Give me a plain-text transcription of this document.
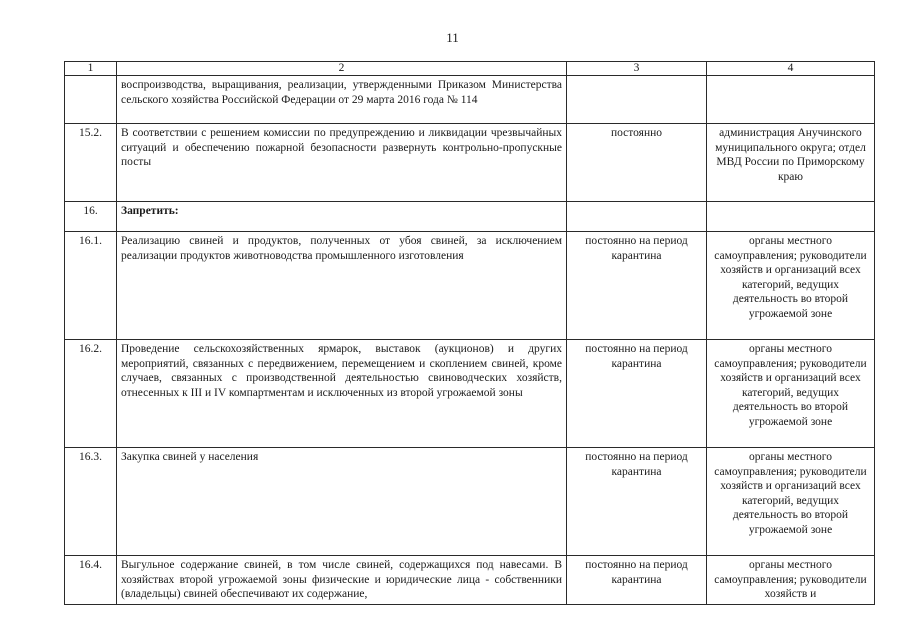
11
1	2	3	4
	воспроизводства, выращивания, реализации, утвержденными Приказом Министерства сельского хозяйства Российской Федерации от 29 марта 2016 года № 114		
15.2.	В соответствии с решением комиссии по предупреждению и ликвидации чрезвычайных ситуаций и обеспечению пожарной безопасности развернуть контрольно-пропускные посты	постоянно	администрация Анучинского муниципального округа; отдел МВД России по Приморскому краю
16.	Запретить:		
16.1.	Реализацию свиней и продуктов, полученных от убоя свиней, за исключением реализации продуктов животноводства промышленного изготовления	постоянно на период карантина	органы местного самоуправления; руководители хозяйств и организаций всех категорий, ведущих деятельность во второй угрожаемой зоне
16.2.	Проведение сельскохозяйственных ярмарок, выставок (аукционов) и других мероприятий, связанных с передвижением, перемещением и скоплением свиней, кроме случаев, связанных с производственной деятельностью свиноводческих хозяйств, отнесенных к III и IV компартментам и исключенных из второй угрожаемой зоны	постоянно на период карантина	органы местного самоуправления; руководители хозяйств и организаций всех категорий, ведущих деятельность во второй угрожаемой зоне
16.3.	Закупка свиней у населения	постоянно на период карантина	органы местного самоуправления; руководители хозяйств и организаций всех категорий, ведущих деятельность во второй угрожаемой зоне
16.4.	Выгульное содержание свиней, в том числе свиней, содержащихся под навесами. В хозяйствах второй угрожаемой зоны физические и юридические лица - собственники (владельцы) свиней обеспечивают их содержание,	постоянно на период карантина	органы местного самоуправления; руководители хозяйств и
